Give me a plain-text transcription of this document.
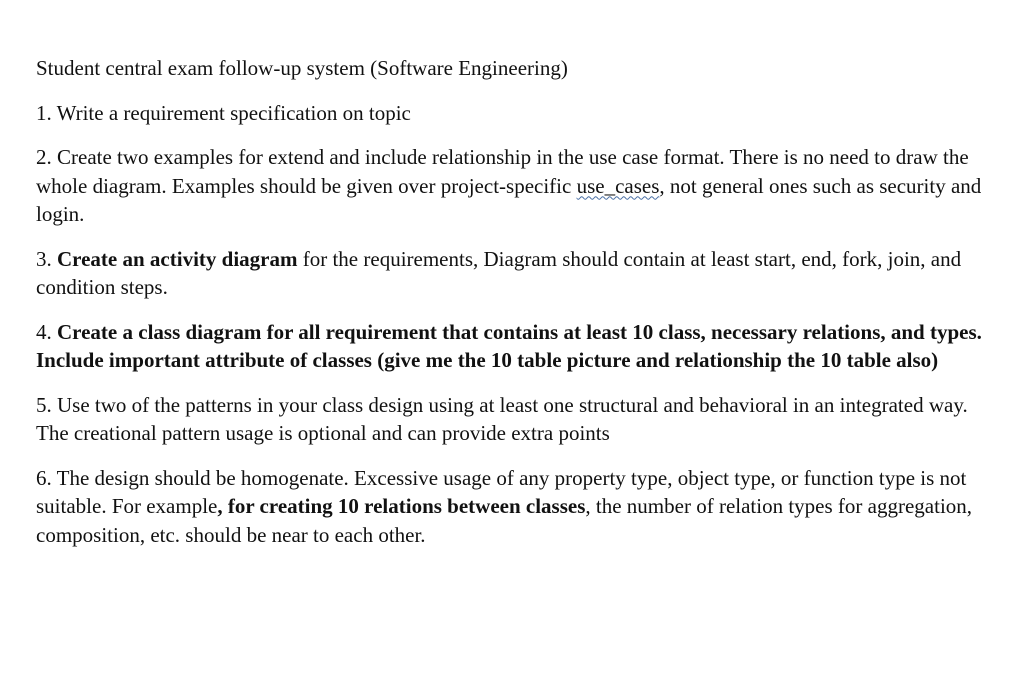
Student central exam follow-up system (Software Engineering)

1. Write a requirement specification on topic

2. Create two examples for extend and include relationship in the use case format. There is no need to draw the whole diagram. Examples should be given over project-specific use_cases, not general ones such as security and login.

3. Create an activity diagram for the requirements, Diagram should contain at least start, end, fork, join, and condition steps.

4. Create a class diagram for all requirement that contains at least 10 class, necessary relations, and types. Include important attribute of classes (give me the 10 table picture and relationship the 10 table also)

5. Use two of the patterns in your class design using at least one structural and behavioral in an integrated way. The creational pattern usage is optional and can provide extra points

6. The design should be homogenate. Excessive usage of any property type, object type, or function type is not suitable. For example, for creating 10 relations between classes, the number of relation types for aggregation, composition, etc. should be near to each other.
